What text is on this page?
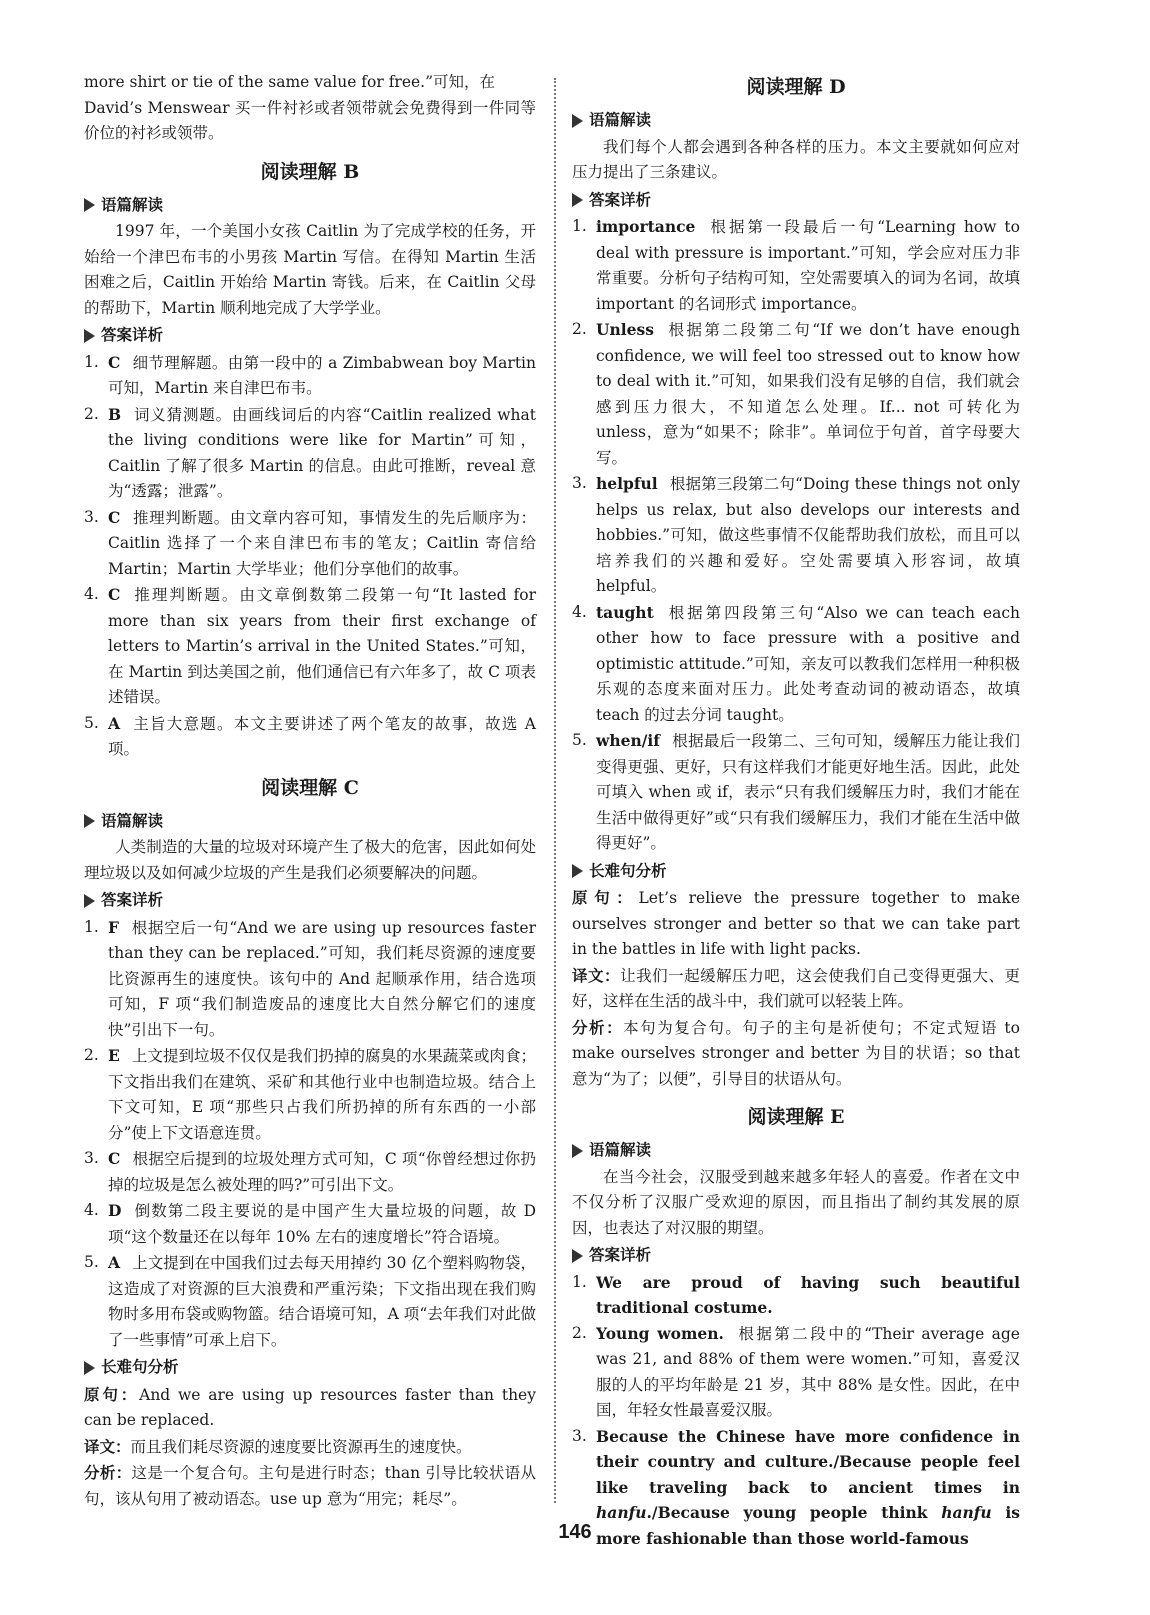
more shirt or tie of the same value for free.”可知，在

David’s Menswear 买一件衬衫或者领带就会免费得到一件同等价位的衬衫或领带。

阅读理解 B
语篇解读

1997 年，一个美国小女孩 Caitlin 为了完成学校的任务，开始给一个津巴布韦的小男孩 Martin 写信。在得知 Martin 生活困难之后，Caitlin 开始给 Martin 寄钱。后来，在 Caitlin 父母的帮助下，Martin 顺利地完成了大学学业。

答案详析
1. C 细节理解题。由第一段中的 a Zimbabwean boy Martin 可知，Martin 来自津巴布韦。
2. B 词义猜测题。由画线词后的内容“Caitlin realized what the living conditions were like for Martin”可知，Caitlin 了解了很多 Martin 的信息。由此可推断，reveal 意为“透露；泄露”。
3. C 推理判断题。由文章内容可知，事情发生的先后顺序为：Caitlin 选择了一个来自津巴布韦的笔友；Caitlin 寄信给 Martin；Martin 大学毕业；他们分享他们的故事。
4. C 推理判断题。由文章倒数第二段第一句“It lasted for more than six years from their first exchange of letters to Martin’s arrival in the United States.”可知，在 Martin 到达美国之前，他们通信已有六年多了，故 C 项表述错误。
5. A 主旨大意题。本文主要讲述了两个笔友的故事，故选 A 项。
阅读理解 C
语篇解读

人类制造的大量的垃圾对环境产生了极大的危害，因此如何处理垃圾以及如何减少垃圾的产生是我们必须要解决的问题。

答案详析
1. F 根据空后一句“And we are using up resources faster than they can be replaced.”可知，我们耗尽资源的速度要比资源再生的速度快。该句中的 And 起顺承作用，结合选项可知，F 项“我们制造废品的速度比大自然分解它们的速度快”引出下一句。
2. E 上文提到垃圾不仅仅是我们扔掉的腐臭的水果蔬菜或肉食；下文指出我们在建筑、采矿和其他行业中也制造垃圾。结合上下文可知，E 项“那些只占我们所扔掉的所有东西的一小部分”使上下文语意连贯。
3. C 根据空后提到的垃圾处理方式可知，C 项“你曾经想过你扔掉的垃圾是怎么被处理的吗?”可引出下文。
4. D 倒数第二段主要说的是中国产生大量垃圾的问题，故 D 项“这个数量还在以每年 10% 左右的速度增长”符合语境。
5. A 上文提到在中国我们过去每天用掉约 30 亿个塑料购物袋，这造成了对资源的巨大浪费和严重污染；下文指出现在我们购物时多用布袋或购物篮。结合语境可知，A 项“去年我们对此做了一些事情”可承上启下。
长难句分析

原句：And we are using up resources faster than they can be replaced.

译文：而且我们耗尽资源的速度要比资源再生的速度快。

分析：这是一个复合句。主句是进行时态；than 引导比较状语从句，该从句用了被动语态。use up 意为“用完；耗尽”。

阅读理解 D
语篇解读

我们每个人都会遇到各种各样的压力。本文主要就如何应对压力提出了三条建议。

答案详析
1. importance 根据第一段最后一句“Learning how to deal with pressure is important.”可知，学会应对压力非常重要。分析句子结构可知，空处需要填入的词为名词，故填 important 的名词形式 importance。
2. Unless 根据第二段第二句“If we don’t have enough confidence, we will feel too stressed out to know how to deal with it.”可知，如果我们没有足够的自信，我们就会感到压力很大，不知道怎么处理。If... not 可转化为 unless，意为“如果不；除非”。单词位于句首，首字母要大写。
3. helpful 根据第三段第二句“Doing these things not only helps us relax, but also develops our interests and hobbies.”可知，做这些事情不仅能帮助我们放松，而且可以培养我们的兴趣和爱好。空处需要填入形容词，故填 helpful。
4. taught 根据第四段第三句“Also we can teach each other how to face pressure with a positive and optimistic attitude.”可知，亲友可以教我们怎样用一种积极乐观的态度来面对压力。此处考查动词的被动语态，故填 teach 的过去分词 taught。
5. when/if 根据最后一段第二、三句可知，缓解压力能让我们变得更强、更好，只有这样我们才能更好地生活。因此，此处可填入 when 或 if，表示“只有我们缓解压力时，我们才能在生活中做得更好”或“只有我们缓解压力，我们才能在生活中做得更好”。
长难句分析

原句：Let’s relieve the pressure together to make ourselves stronger and better so that we can take part in the battles in life with light packs.

译文：让我们一起缓解压力吧，这会使我们自己变得更强大、更好，这样在生活的战斗中，我们就可以轻装上阵。

分析：本句为复合句。句子的主句是祈使句；不定式短语 to make ourselves stronger and better 为目的状语；so that 意为“为了；以便”，引导目的状语从句。

阅读理解 E
语篇解读

在当今社会，汉服受到越来越多年轻人的喜爱。作者在文中不仅分析了汉服广受欢迎的原因，而且指出了制约其发展的原因，也表达了对汉服的期望。

答案详析
1. We are proud of having such beautiful traditional costume.
2. Young women. 根据第二段中的“Their average age was 21, and 88% of them were women.”可知，喜爱汉服的人的平均年龄是 21 岁，其中 88% 是女性。因此，在中国，年轻女性最喜爱汉服。
3. Because the Chinese have more confidence in their country and culture./Because people feel like traveling back to ancient times in hanfu./Because young people think hanfu is more fashionable than those world-famous
146
